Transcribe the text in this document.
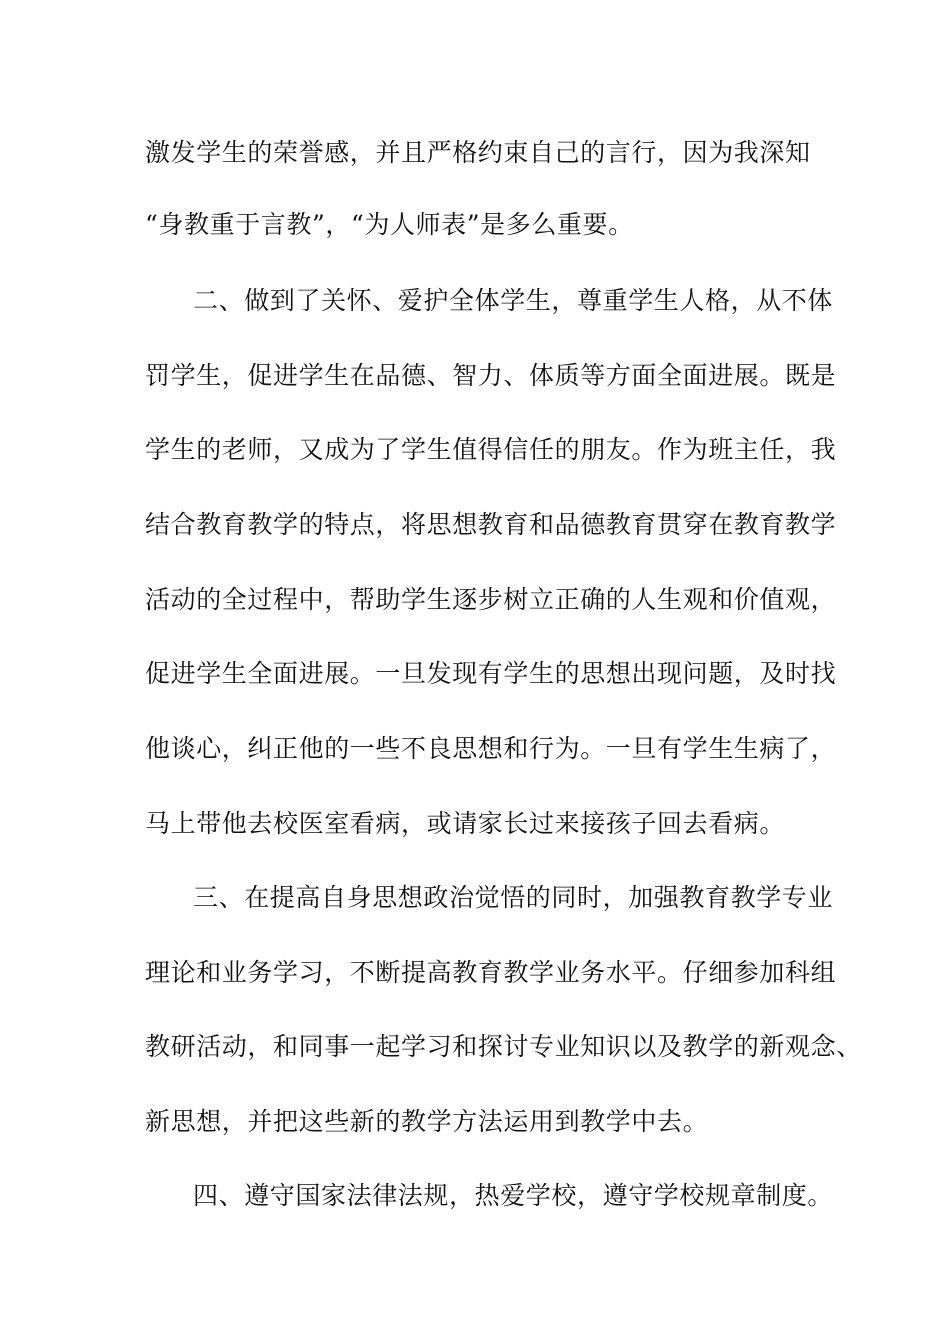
激发学生的荣誉感，并且严格约束自己的言行，因为我深知
“身教重于言教”，“为人师表”是多么重要。
二、做到了关怀、爱护全体学生，尊重学生人格，从不体
罚学生，促进学生在品德、智力、体质等方面全面进展。既是
学生的老师，又成为了学生值得信任的朋友。作为班主任，我
结合教育教学的特点，将思想教育和品德教育贯穿在教育教学
活动的全过程中，帮助学生逐步树立正确的人生观和价值观，
促进学生全面进展。一旦发现有学生的思想出现问题，及时找
他谈心，纠正他的一些不良思想和行为。一旦有学生生病了，
马上带他去校医室看病，或请家长过来接孩子回去看病。
三、在提高自身思想政治觉悟的同时，加强教育教学专业
理论和业务学习，不断提高教育教学业务水平。仔细参加科组
教研活动，和同事一起学习和探讨专业知识以及教学的新观念、
新思想，并把这些新的教学方法运用到教学中去。
四、遵守国家法律法规，热爱学校，遵守学校规章制度。
